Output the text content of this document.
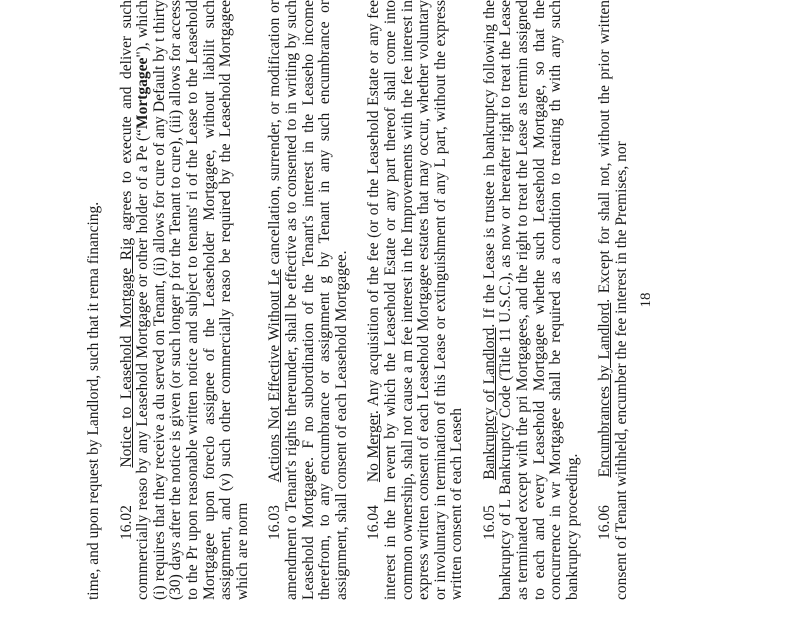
time, and upon request by Landlord, such that it rema financing. 16.02     Notice to Leasehold Mortgage Rig agrees to execute and deliver such commercially reaso by any Leasehold Mortgagee or other holder of a Pe (“Mortgagee"), which (i) requires that they receive a du served on Tenant, (ii) allows for cure of any Default by t thirty (30) days after the notice is given (or such longer p for the Tenant to cure), (iii) allows for access to the Pr upon reasonable written notice and subject to tenants' ri of the Lease to the Leasehold Mortgagee upon foreclo assignee of the Leaseholder Mortgagee, without liabilit such assignment, and (v) such other commercially reaso be required by the Leasehold Mortgagee which are norm 16.03     Actions Not Effective Without Le cancellation, surrender, or modification or amendment o Tenant's rights thereunder, shall be effective as to consented to in writing by such Leasehold Mortgagee. F no subordination of the Tenant's interest in the Leaseho income therefrom, to any encumbrance or assignment g by Tenant in any such encumbrance or assignment, shall consent of each Leasehold Mortgagee. 16.04     No Merger. Any acquisition of the fee (or of the Leasehold Estate or any fee interest in the Im event by which the Leasehold Estate or any part thereof shall come into common ownership, shall not cause a m fee interest in the Improvements with the fee interest in express written consent of each Leasehold Mortgagee estates that may occur, whether voluntary or involuntary in termination of this Lease or extinguishment of any L part, without the express written consent of each Leaseh 16.05     Bankruptcy of Landlord. If the Lease is trustee in bankruptcy following the bankruptcy of L Bankruptcy Code (Title 11 U.S.C.), as now or hereafter right to treat the Lease as terminated except with the pri Mortgagees, and the right to treat the Lease as termin assigned to each and every Leasehold Mortgagee whethe such Leasehold Mortgage, so that the concurrence in wr Mortgagee shall be required as a condition to treating th with any such bankruptcy proceeding. 16.06     Encumbrances by Landlord. Except for shall not, without the prior written consent of Tenant withheld, encumber the fee interest in the Premises, nor 18
